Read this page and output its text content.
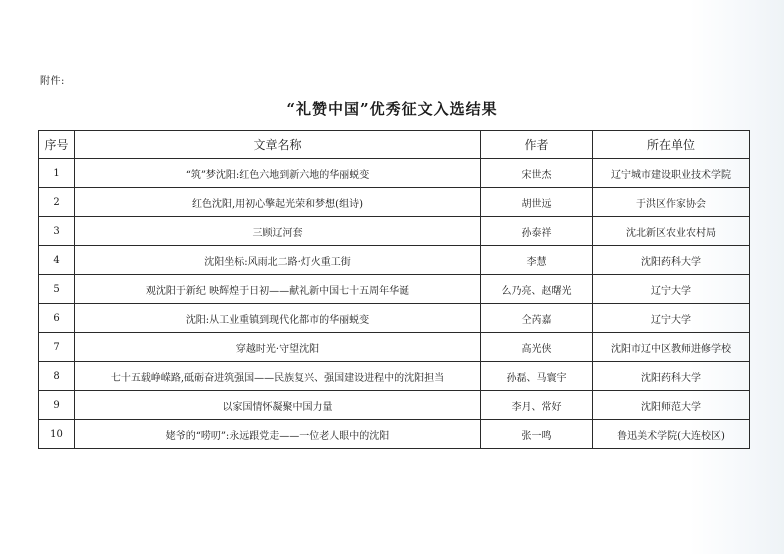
附件:
“礼赞中国”优秀征文入选结果
序号	文章名称	作者	所在单位
1	“筑”梦沈阳:红色六地到新六地的华丽蜕变	宋世杰	辽宁城市建设职业技术学院
2	红色沈阳,用初心擎起光荣和梦想(组诗)	胡世远	于洪区作家协会
3	三顾辽河套	孙泰祥	沈北新区农业农村局
4	沈阳坐标:风雨北二路·灯火重工街	李慧	沈阳药科大学
5	观沈阳于新纪 映辉煌于日初——献礼新中国七十五周年华诞	么乃亮、赵曙光	辽宁大学
6	沈阳:从工业重镇到现代化都市的华丽蜕变	仝芮嘉	辽宁大学
7	穿越时光·守望沈阳	高光侠	沈阳市辽中区教师进修学校
8	七十五载峥嵘路,砥砺奋进筑强国——民族复兴、强国建设进程中的沈阳担当	孙磊、马寰宇	沈阳药科大学
9	以家国情怀凝聚中国力量	李月、常好	沈阳师范大学
10	姥爷的“唠叨”:永远跟党走——一位老人眼中的沈阳	张一鸣	鲁迅美术学院(大连校区)
